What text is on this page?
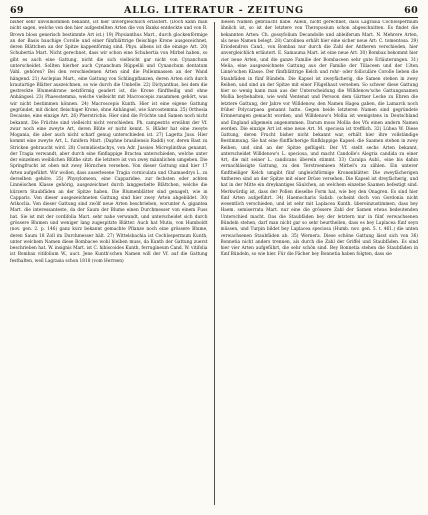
69	ALLG. LITERATUR - ZEITUNG	60
bisher sehr unvollkommen bekannt, ist hier unvergleichlich erläutert. (Doch kann man nicht sagen, welche von den hier aufgestellten Arten die von Banks entdeckte und von R. Brown bloss generisch bestimmte Art ist.) 19) Physianthus Mart., durch glockenförmige an der Basis bauchige Corolle und einer fünfblättrige fleischige Krone ausgezeichnet, deren Blättchen an der Spitze kappenförmig sind. Phys. albens ist die einzige Art. 20) Schubertia Mart. Nicht gerechnet, dass wir schon eine Schubertia von Mirbel haben, so gibt es auch eine Gattung, nicht die sich vielleicht gar nicht von Cynanchum unterscheidet. Sollten hierher auch Cynanchum Rüppellii und Cynanchum dentatum Vahl. gehören? Bei den verschiedenen Arten sind die Pollenmassen an der Wand hängend. 21) Asclepias Mart., eine Gattung von Schlingpflanzen, deren Arten sich durch krautartige Blätter auszeichnen, so wie durch die Umbelle. 22) Dictyanthus, bei dem die gestreckte Blumenkrone netzförmig geadert ist, die Krone fünftheilig und ohne Anhängsel. 23) Phaeostemma, welche vielleicht mit Macroscepis zusammen gehört, was wir nicht bestimmen können. 24) Macroscepis Kunth. Hier ist eine eigene Gattung gegründet, mit dicker, fleischiger Krone, ohne Anhängsel, wie Sarcostemma. 25) Orthosia Decaisne, eine einzige Art. 26) Pherotrichis. Hier sind die Früchte und Samen noch nicht bekannt. Die Früchte sind vielleicht nicht verschieden. Ph. campestris erwähnt der Vf. zwar noch eine zweyte Art, deren Blüte er nicht kennt. S. Bläder hat eine zweyte Mogania, die aber auch nicht scharf genug unterschieden ist. 27) Lagetta Juss. Hier kommt eine zweyte Art, L. funifera Mart. (Daphne brasiliensis Raddi) vor, deren Bast zu Stricken gebraucht wird. 28) Cosmidiostachys, von Adr. Jussieu Microplinthus genannt, der Tragia verwandt, aber durch eine fünflappige Bractea unterschieden, welche unter der einzelnen weiblichen Blüthe sitzt: die letztere ist von zwey männlichen umgeben. Die Springfrucht ist oben mit zwey Hörnchen versehen. Von dieser Gattung sind hier 17 Arten aufgeführt. Wir wollen, dass auserlesene Tragia corniculata und Chamaedrys L. zu derselben gehöre. 25) Physylomeon, eine Capparidee, zur fechsten oder achten Linnéischen Klasse gehörig, ausgezeichnet durch langgestielte Blättchen, welche die kürzern Staubfäden an der Spitze haben. Die Blumenblätter sind genagelt, wie in Capparis. Von dieser ausgezeichneten Gattung sind hier zwey Arten abgebildet. 30) Arikoclia. Von dieser Gattung sind zwölf neue Arten beschrieben, worunter A. gigantea Mart. die interessanteste, da der Saum der Blume einen Durchmesser von einem Fuss hat. Sie ist mit der cordifolia Mart. sehr nahe verwandt, und unterscheidet sich durch grössere Blumen und weniger lang zugespitzte Blätter. Auch hat Mutis, von Humboldt (nov. gen. 2. p. 146) ganz kurz bekannt gemachte Pflanze noch eine grössere Blume, deren Saum 18 Zoll im Durchmesser hält. 27) Wittelsbachia ist Cochlospermum Kunth, unter welchem Namen diese Bombacee wohl bleiben muss, da Kunth der Gattung zuerst beschrieben hat. W. insignis Mart. ist C. hibiscoides Kunth, ferrugineum Cand. W. vitifolia ist Bombax vitifolium W., auct. Jene Kunth'schen Namen will der Vf. auf die Gattung festhalten, weil Lagrasia schon 1818 (vom Herrsen)
diesen Namen gebraucht habe. Allein, nicht gerechnet, dass Lagrasia Cochlospermum ähnlich ist, so ist der letztere von Theroposium schon abgeschnitten. Es findet die bekannten Arten: Ch. gossyfolium Decandolle und ableiferum Mart. N. Mehrere Arten, als neue Namen belegt. 28) Carolinea erhält hier eine sicher neue Art: C. tomentosa. 29) Eriodendron Cand., von Bombax nur durch die Zahl der Antheren verschieden, hier unvergleichlich erläutert. E. Samauma Mart. ist eine neue Art. 30) Bombax bekommt hier vier neue Arten, und die ganze Familie der Bombaceen sehr gute Erläuterungen. 31) Melia, eine ausgezeichnete Gattung aus der Familie der Tiliaceen und der 13ten Linné'schen Klasse. Der fünfblättrige Kelch und rohr- oder folliculäre Corolle lieben die Staubfäden in fünf Bündeln. Die Kapsel ist zweyfächerig, die Samen stehen in zwey Reihen, und sind an der Spitze mit einer Flügelhaut versehen. So schwer diese Gattung hier so wenig kann man aus der Unterscheidung die Willdenow'sche Gattungsnamen Mollia beybehalten, wie wohl Ventenat und Persoon dem Gärtner Lecke zu Ehren die letztere Gattung, der Jahre vor Willdenow, den Namen Hagea gaben, die Lamarck noch früher Polycarpaea genannt hatte. Gegen beide letzteren Namen sind gegründete Erinnerungen gemacht worden, und Willdenow's Mollia ist wenigstens in Deutschland und England allgemein angenommen. Darum muss Mollia des Vfs einen andern Namen werden. Die einzige Art ist eine neue Art. M. speciosa ist trefflich. 32) Lühea W. Diese Gattung, deren Frucht bisher nicht bekannt war, erhält hier ihre vollständige Bestimmung. Sie hat eine fünffächerige fünfklappige Kapsel: die Saamen stehen in zwey Reihen, und sind an der Spitze geflügelt. Der Vf. stellt sechs Arten bekannt, unterscheidet Willdenow's L. speciosa, und macht Candolle's Alegria candida zu einer Art, die mit seiner L. candicans überein stimmt. 33) Caraipa Aubl., eine bis dahin vernachlässigte Gattung, zu den Terstroemieen Mirbel's zu zählen. Ein unterer fünftheiliger Kelch umgibt fünf ungleichförmige Kronenblätter. Die zweyfächerigen Antheren sind an der Spitze mit einer Drüse versehen. Die Kapsel ist dreyfächerig, und hat in der Mitte ein dreykantiges Säulchen, an welchem einzelne Saamen befestigt sind. Merkwürdig ist, dass der Pollen dieselbe Form hat, wie bey den Onagren. Es sind hier fünf Arten aufgeführt. 34) Haemocharis Salisb. (scheint doch von Gordonia nicht wesentlich verschieden, und ist sehr mit Laplacea Kunth. übereinzustimmen, dass bey Haem. semiserrata Mart. nur eine die grössere Zahl der Samen etwas bedeutenden Unterschied macht. Das die Staubfäden bey der letztern nur in fünf verwachsenen Bündeln stehen, darf man nicht gar so sehr beurtheilen, dass es bey Laplacea fünf seyn müssen, und Turpin bildet bey Laplacea speciosa (Humb. nov. gen. 5. t. 461.) die unten verwachsenen Staubfäden ab. 35) Wernera. Diese schöne Gattung lässt sich von 36) Bonnetia nicht anders trennen, als durch die Zahl der Griffel und Staubfäden. Es sind hier vier Arten aufgeführt, die sehr schön sind. Bey Bonnetia stehen die Staubfäden in fünf Bündeln, so wie hier. Für die Fächer bey Bonnetia haben folgten, dass sie
